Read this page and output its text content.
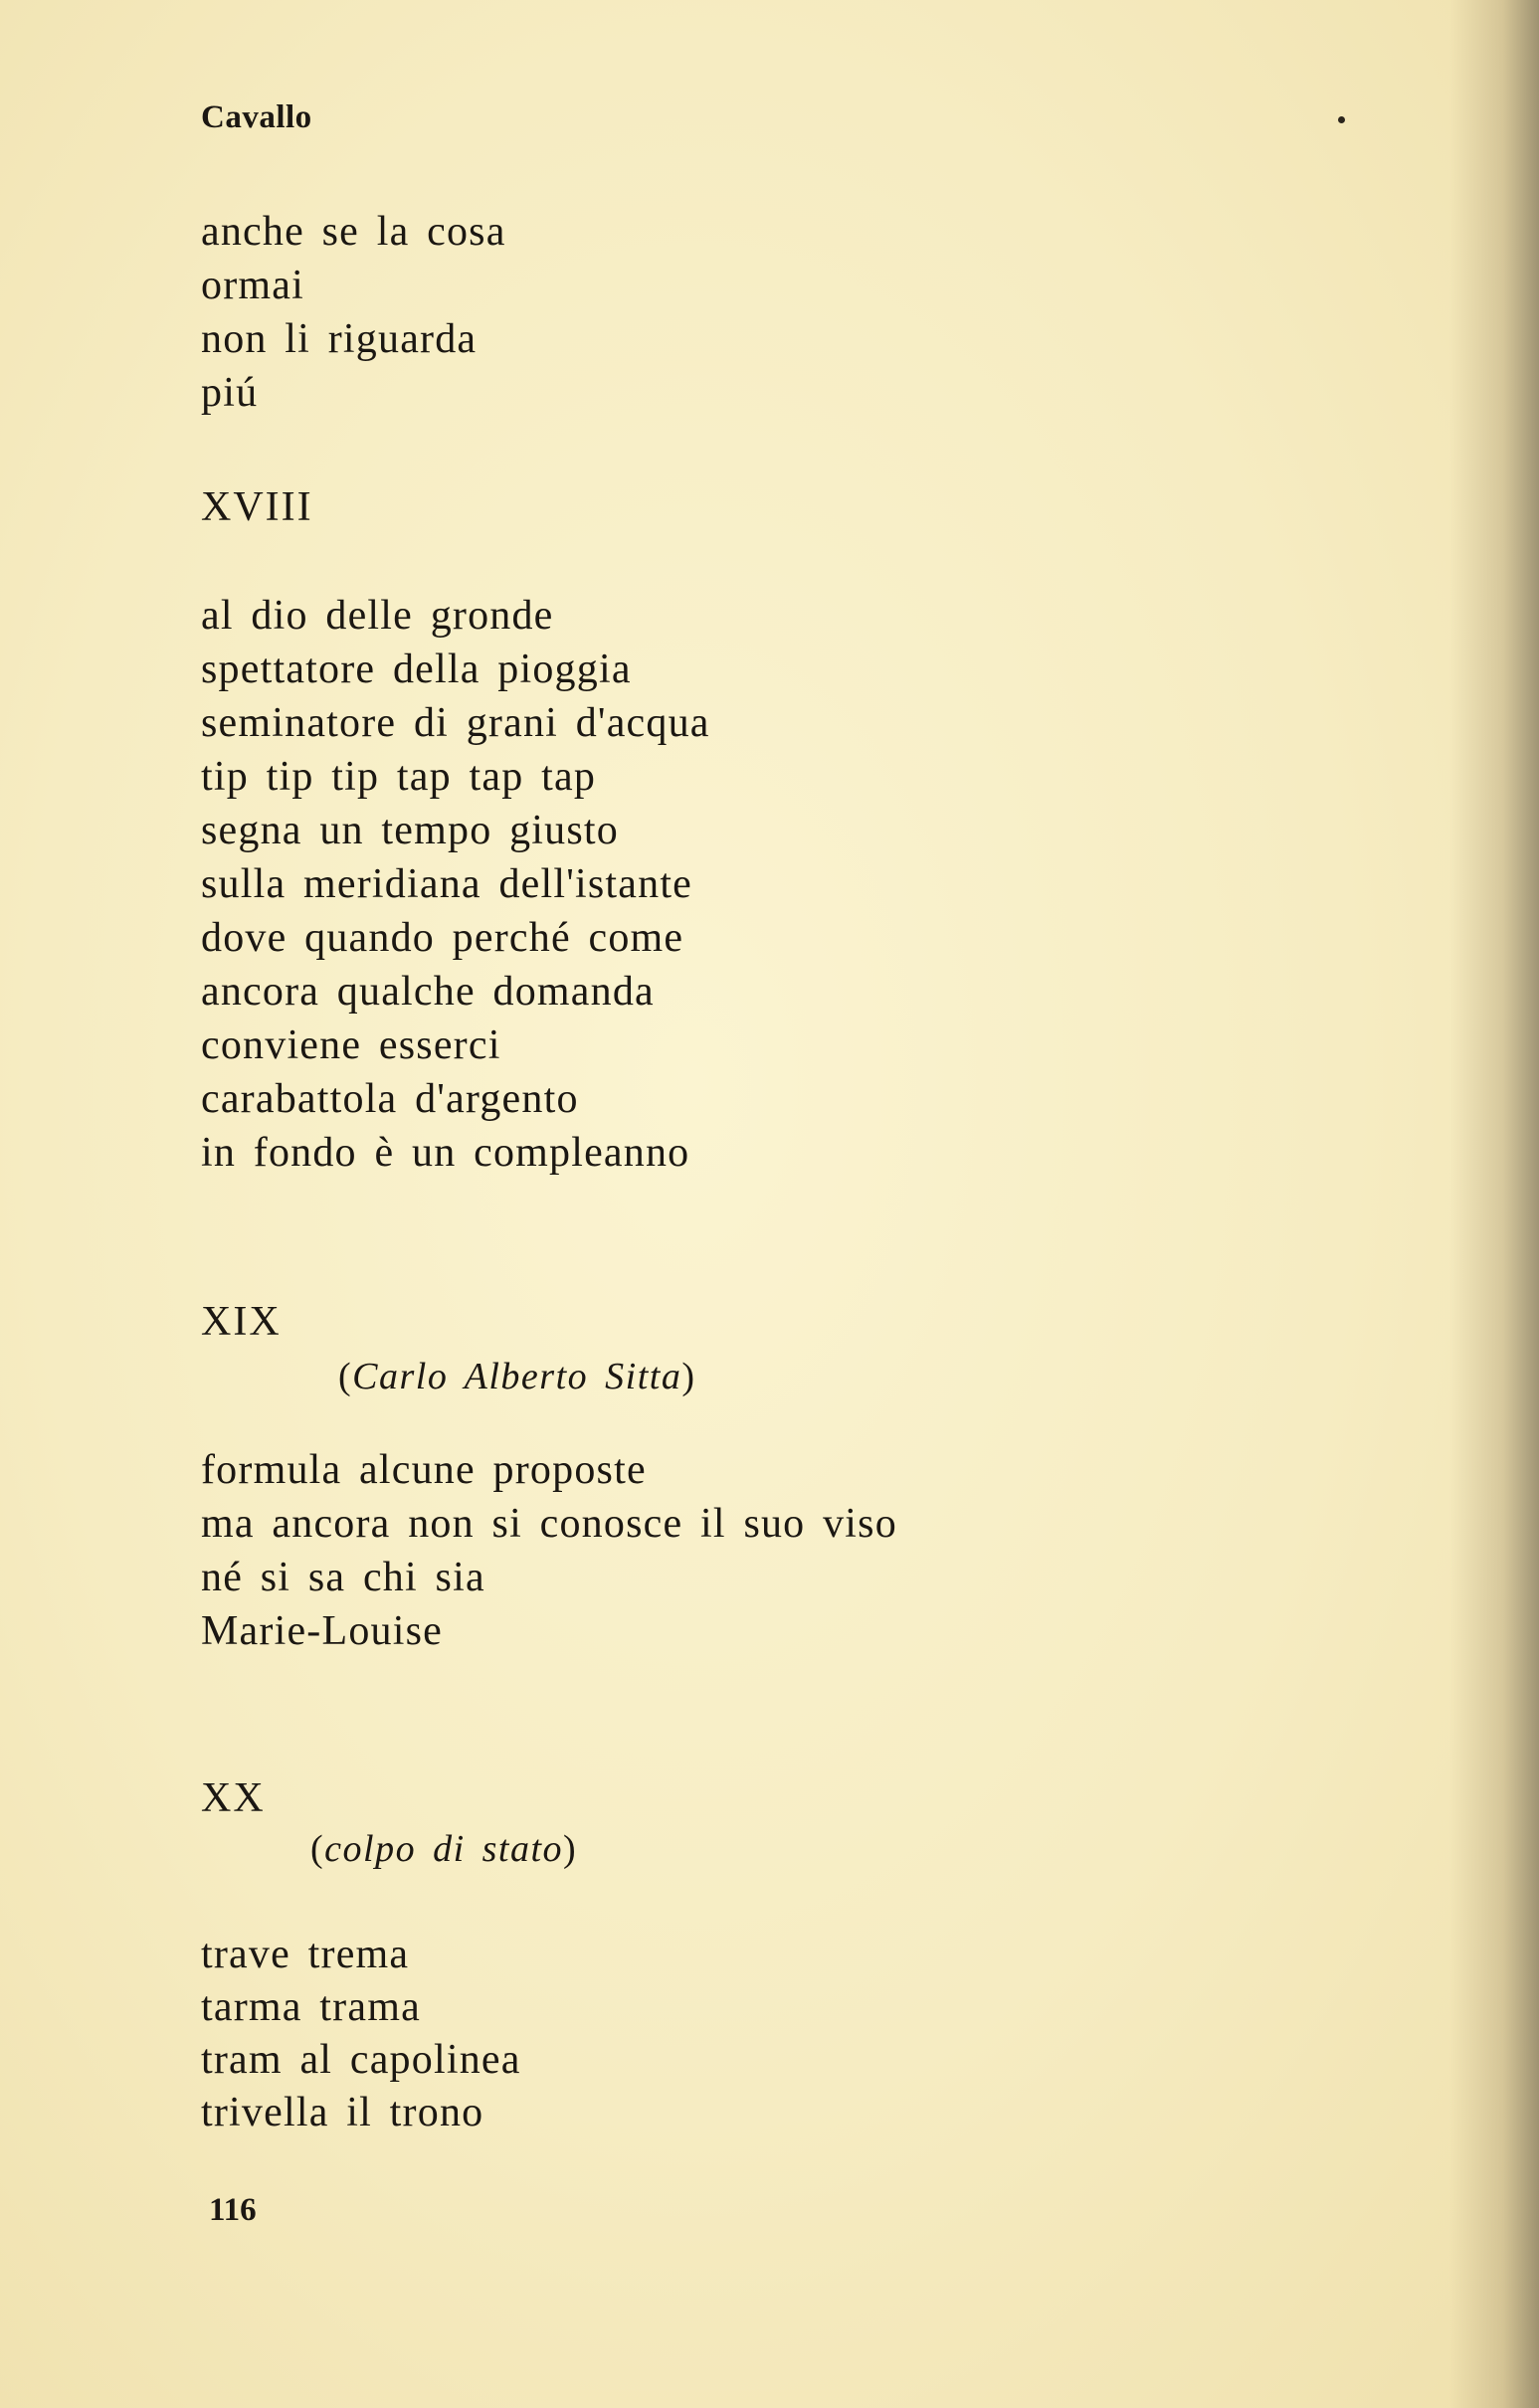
Cavallo
anche se la cosa
ormai
non li riguarda
piú
XVIII
al dio delle gronde
spettatore della pioggia
seminatore di grani d'acqua
tip tip tip tap tap tap
segna un tempo giusto
sulla meridiana dell'istante
dove quando perché come
ancora qualche domanda
conviene esserci
carabattola d'argento
in fondo è un compleanno
XIX
(Carlo Alberto Sitta)
formula alcune proposte
ma ancora non si conosce il suo viso
né si sa chi sia
Marie-Louise
XX
(colpo di stato)
trave trema
tarma trama
tram al capolinea
trivella il trono
116
